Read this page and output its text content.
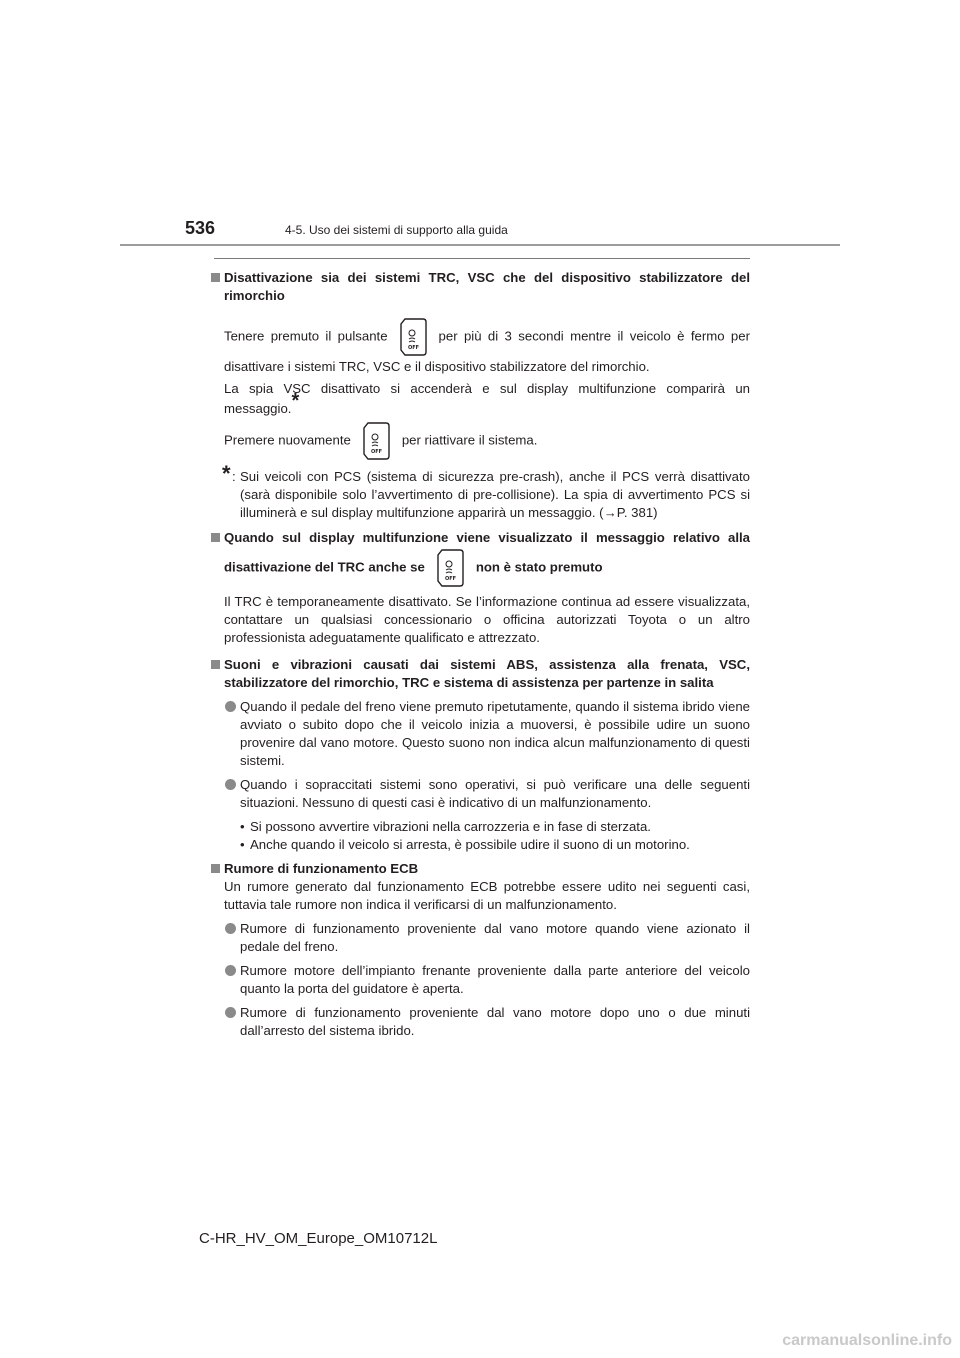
536	4-5. Uso dei sistemi di supporto alla guida
Disattivazione sia dei sistemi TRC, VSC che del dispositivo stabilizzatore del rimorchio
Tenere premuto il pulsante
OFF
per più di 3 secondi mentre il veicolo è fermo per disattivare i sistemi TRC, VSC e il dispositivo stabilizzatore del rimorchio.
La spia VSC disattivato si accenderà e sul display multifunzione comparirà un messaggio.*
Premere nuovamente
OFF
per riattivare il sistema.
* : Sui veicoli con PCS (sistema di sicurezza pre-crash), anche il PCS verrà disattivato (sarà disponibile solo l’avvertimento di pre-collisione). La spia di avvertimento PCS si illuminerà e sul display multifunzione apparirà un messaggio. (→P. 381)
Quando sul display multifunzione viene visualizzato il messaggio relativo alla disattivazione del TRC anche se
OFF
non è stato premuto
Il TRC è temporaneamente disattivato. Se l’informazione continua ad essere visualizzata, contattare un qualsiasi concessionario o officina autorizzati Toyota o un altro professionista adeguatamente qualificato e attrezzato.
Suoni e vibrazioni causati dai sistemi ABS, assistenza alla frenata, VSC, stabilizzatore del rimorchio, TRC e sistema di assistenza per partenze in salita
Quando il pedale del freno viene premuto ripetutamente, quando il sistema ibrido viene avviato o subito dopo che il veicolo inizia a muoversi, è possibile udire un suono provenire dal vano motore. Questo suono non indica alcun malfunzionamento di questi sistemi.
Quando i sopraccitati sistemi sono operativi, si può verificare una delle seguenti situazioni. Nessuno di questi casi è indicativo di un malfunzionamento.
• Si possono avvertire vibrazioni nella carrozzeria e in fase di sterzata.
• Anche quando il veicolo si arresta, è possibile udire il suono di un motorino.
Rumore di funzionamento ECB
Un rumore generato dal funzionamento ECB potrebbe essere udito nei seguenti casi, tuttavia tale rumore non indica il verificarsi di un malfunzionamento.
Rumore di funzionamento proveniente dal vano motore quando viene azionato il pedale del freno.
Rumore motore dell’impianto frenante proveniente dalla parte anteriore del veicolo quanto la porta del guidatore è aperta.
Rumore di funzionamento proveniente dal vano motore dopo uno o due minuti dall’arresto del sistema ibrido.
C-HR_HV_OM_Europe_OM10712L
carmanualsonline.info
